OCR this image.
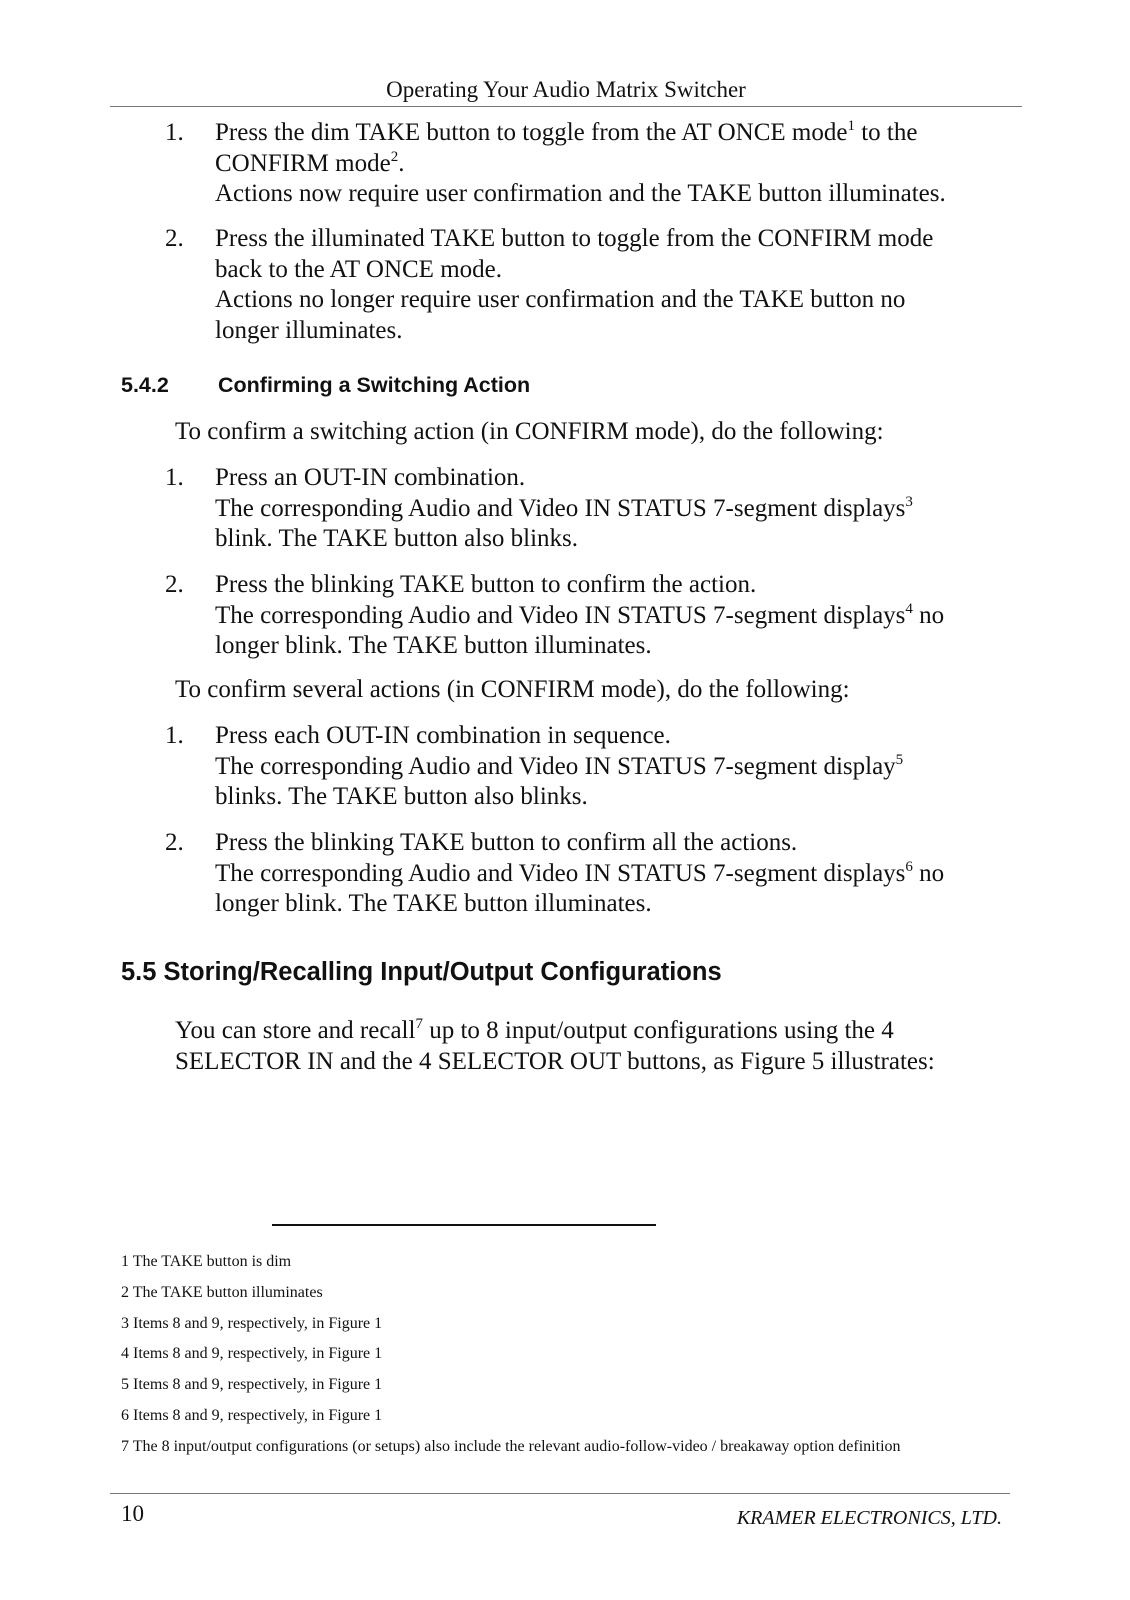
Operating Your Audio Matrix Switcher
1. Press the dim TAKE button to toggle from the AT ONCE mode$^1$ to the
CONFIRM mode$^2$.
Actions now require user confirmation and the TAKE button illuminates.
2. Press the illuminated TAKE button to toggle from the CONFIRM mode
back to the AT ONCE mode.
Actions no longer require user confirmation and the TAKE button no
longer illuminates.
5.4.2 Confirming a Switching Action
To confirm a switching action (in CONFIRM mode), do the following:
1. Press an OUT-IN combination.
The corresponding Audio and Video IN STATUS 7-segment displays$^3$
blink. The TAKE button also blinks.
2. Press the blinking TAKE button to confirm the action.
The corresponding Audio and Video IN STATUS 7-segment displays$^4$ no
longer blink. The TAKE button illuminates.
To confirm several actions (in CONFIRM mode), do the following:
1. Press each OUT-IN combination in sequence.
The corresponding Audio and Video IN STATUS 7-segment display$^5$
blinks. The TAKE button also blinks.
2. Press the blinking TAKE button to confirm all the actions.
The corresponding Audio and Video IN STATUS 7-segment displays$^6$ no
longer blink. The TAKE button illuminates.
5.5 Storing/Recalling Input/Output Configurations
You can store and recall$^7$ up to 8 input/output configurations using the 4
SELECTOR IN and the 4 SELECTOR OUT buttons, as Figure 5 illustrates:
1 The TAKE button is dim
2 The TAKE button illuminates
3 Items 8 and 9, respectively, in Figure 1
4 Items 8 and 9, respectively, in Figure 1
5 Items 8 and 9, respectively, in Figure 1
6 Items 8 and 9, respectively, in Figure 1
7 The 8 input/output configurations (or setups) also include the relevant audio-follow-video / breakaway option definition
10	KRAMER ELECTRONICS, LTD.
